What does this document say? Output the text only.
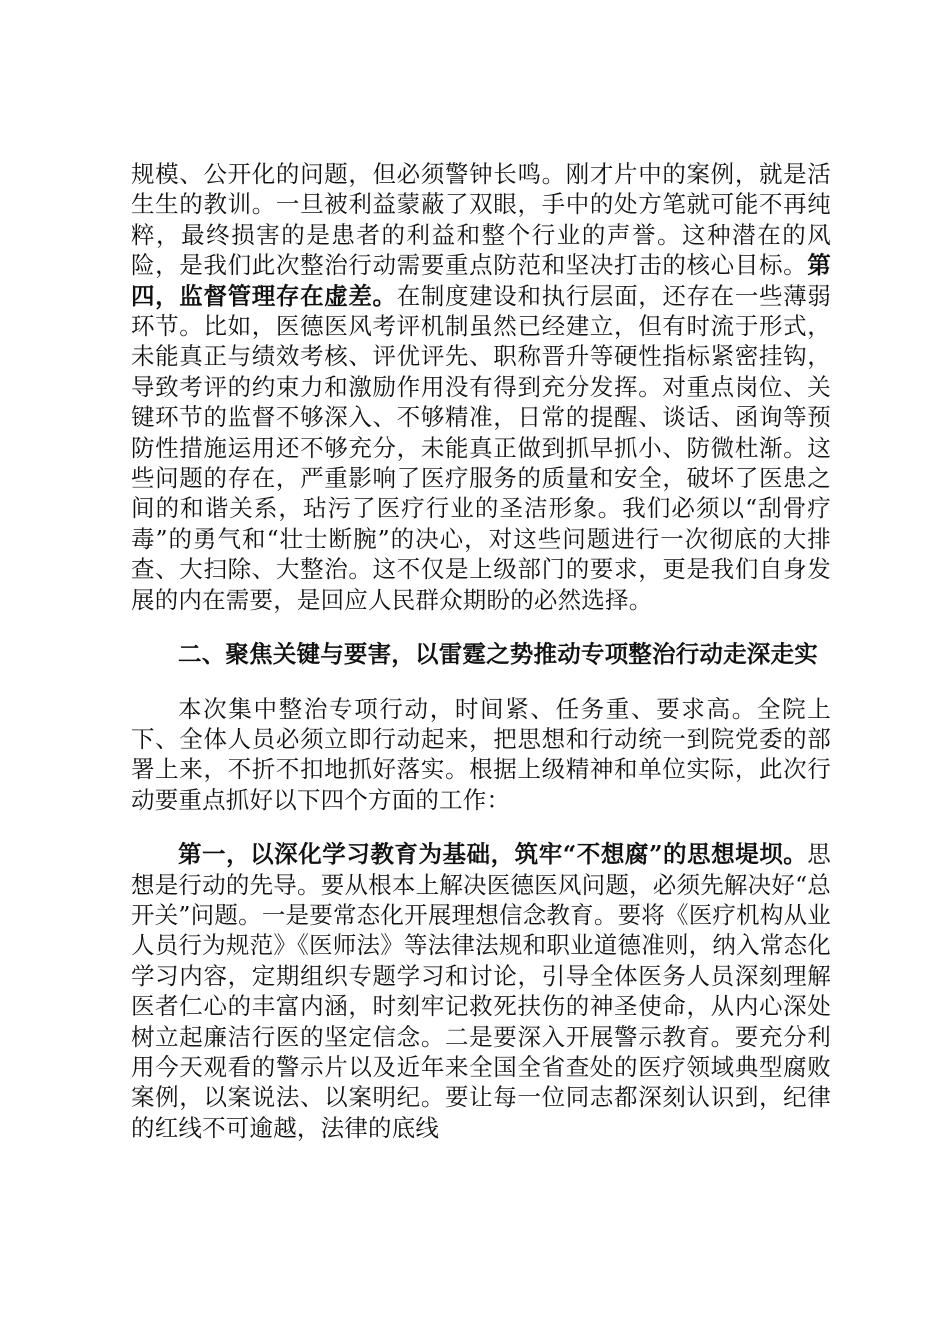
规模、公开化的问题，但必须警钟长鸣。刚才片中的案例，就是活生生的教训。一旦被利益蒙蔽了双眼，手中的处方笔就可能不再纯粹，最终损害的是患者的利益和整个行业的声誉。这种潜在的风险，是我们此次整治行动需要重点防范和坚决打击的核心目标。第四，监督管理存在虚差。在制度建设和执行层面，还存在一些薄弱环节。比如，医德医风考评机制虽然已经建立，但有时流于形式，未能真正与绩效考核、评优评先、职称晋升等硬性指标紧密挂钩，导致考评的约束力和激励作用没有得到充分发挥。对重点岗位、关键环节的监督不够深入、不够精准，日常的提醒、谈话、函询等预防性措施运用还不够充分，未能真正做到抓早抓小、防微杜渐。这些问题的存在，严重影响了医疗服务的质量和安全，破坏了医患之间的和谐关系，玷污了医疗行业的圣洁形象。我们必须以“刮骨疗毒”的勇气和“壮士断腕”的决心，对这些问题进行一次彻底的大排查、大扫除、大整治。这不仅是上级部门的要求，更是我们自身发展的内在需要，是回应人民群众期盼的必然选择。

二、聚焦关键与要害，以雷霆之势推动专项整治行动走深走实

本次集中整治专项行动，时间紧、任务重、要求高。全院上下、全体人员必须立即行动起来，把思想和行动统一到院党委的部署上来，不折不扣地抓好落实。根据上级精神和单位实际，此次行动要重点抓好以下四个方面的工作：

第一，以深化学习教育为基础，筑牢“不想腐”的思想堤坝。思想是行动的先导。要从根本上解决医德医风问题，必须先解决好“总开关”问题。一是要常态化开展理想信念教育。要将《医疗机构从业人员行为规范》《医师法》等法律法规和职业道德准则，纳入常态化学习内容，定期组织专题学习和讨论，引导全体医务人员深刻理解医者仁心的丰富内涵，时刻牢记救死扶伤的神圣使命，从内心深处树立起廉洁行医的坚定信念。二是要深入开展警示教育。要充分利用今天观看的警示片以及近年来全国全省查处的医疗领域典型腐败案例，以案说法、以案明纪。要让每一位同志都深刻认识到，纪律的红线不可逾越，法律的底线
